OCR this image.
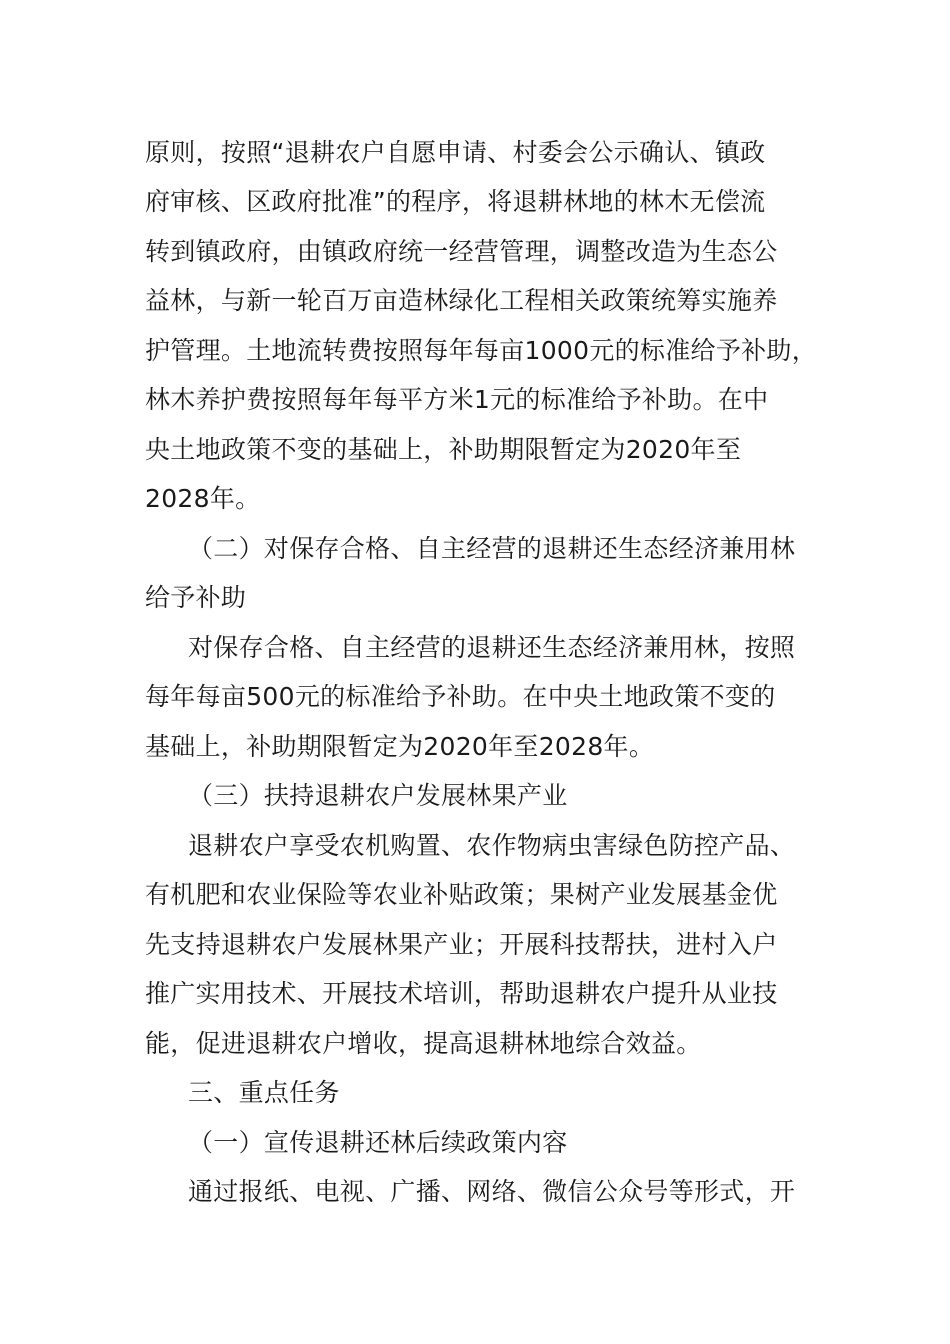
原则，按照“退耕农户自愿申请、村委会公示确认、镇政
府审核、区政府批准”的程序，将退耕林地的林木无偿流
转到镇政府，由镇政府统一经营管理，调整改造为生态公
益林，与新一轮百万亩造林绿化工程相关政策统筹实施养
护管理。土地流转费按照每年每亩1000元的标准给予补助，
林木养护费按照每年每平方米1元的标准给予补助。在中
央土地政策不变的基础上，补助期限暂定为2020年至
2028年。
（二）对保存合格、自主经营的退耕还生态经济兼用林
给予补助
对保存合格、自主经营的退耕还生态经济兼用林，按照
每年每亩500元的标准给予补助。在中央土地政策不变的
基础上，补助期限暂定为2020年至2028年。
（三）扶持退耕农户发展林果产业
退耕农户享受农机购置、农作物病虫害绿色防控产品、
有机肥和农业保险等农业补贴政策；果树产业发展基金优
先支持退耕农户发展林果产业；开展科技帮扶，进村入户
推广实用技术、开展技术培训，帮助退耕农户提升从业技
能，促进退耕农户增收，提高退耕林地综合效益。
三、重点任务
（一）宣传退耕还林后续政策内容
通过报纸、电视、广播、网络、微信公众号等形式，开
